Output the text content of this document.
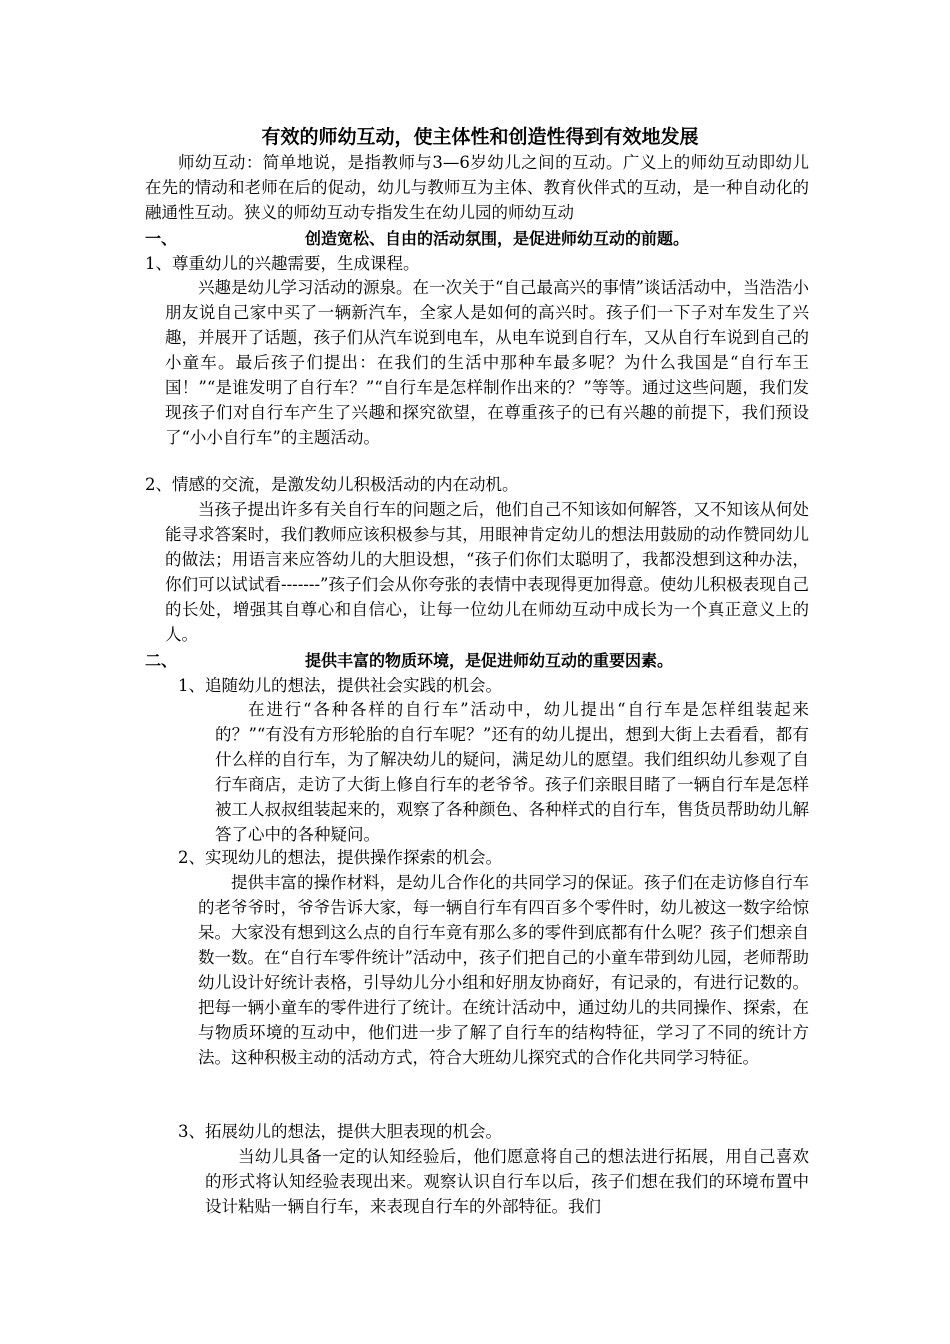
有效的师幼互动，使主体性和创造性得到有效地发展
师幼互动：简单地说，是指教师与3—6岁幼儿之间的互动。广义上的师幼互动即幼儿在先的情动和老师在后的促动，幼儿与教师互为主体、教育伙伴式的互动，是一种自动化的融通性互动。狭义的师幼互动专指发生在幼儿园的师幼互动
一、	创造宽松、自由的活动氛围，是促进师幼互动的前题。
1、尊重幼儿的兴趣需要，生成课程。
兴趣是幼儿学习活动的源泉。在一次关于“自己最高兴的事情”谈话活动中，当浩浩小朋友说自己家中买了一辆新汽车，全家人是如何的高兴时。孩子们一下子对车发生了兴趣，并展开了话题，孩子们从汽车说到电车，从电车说到自行车，又从自行车说到自己的小童车。最后孩子们提出：在我们的生活中那种车最多呢？为什么我国是“自行车王国！”“是谁发明了自行车？”“自行车是怎样制作出来的？”等等。通过这些问题，我们发现孩子们对自行车产生了兴趣和探究欲望，在尊重孩子的已有兴趣的前提下，我们预设了“小小自行车”的主题活动。
2、情感的交流，是激发幼儿积极活动的内在动机。
当孩子提出许多有关自行车的问题之后，他们自己不知该如何解答，又不知该从何处能寻求答案时，我们教师应该积极参与其，用眼神肯定幼儿的想法用鼓励的动作赞同幼儿的做法；用语言来应答幼儿的大胆设想，“孩子们你们太聪明了，我都没想到这种办法，你们可以试试看-------”孩子们会从你夸张的表情中表现得更加得意。使幼儿积极表现自己的长处，增强其自尊心和自信心，让每一位幼儿在师幼互动中成长为一个真正意义上的人。
二、	提供丰富的物质环境，是促进师幼互动的重要因素。
1、追随幼儿的想法，提供社会实践的机会。
在进行“各种各样的自行车”活动中，幼儿提出“自行车是怎样组装起来的？”“有没有方形轮胎的自行车呢？”还有的幼儿提出，想到大街上去看看，都有什么样的自行车，为了解决幼儿的疑问，满足幼儿的愿望。我们组织幼儿参观了自行车商店，走访了大街上修自行车的老爷爷。孩子们亲眼目睹了一辆自行车是怎样被工人叔叔组装起来的，观察了各种颜色、各种样式的自行车，售货员帮助幼儿解答了心中的各种疑问。
2、实现幼儿的想法，提供操作探索的机会。
提供丰富的操作材料，是幼儿合作化的共同学习的保证。孩子们在走访修自行车的老爷爷时，爷爷告诉大家，每一辆自行车有四百多个零件时，幼儿被这一数字给惊呆。大家没有想到这么点的自行车竟有那么多的零件到底都有什么呢？孩子们想亲自数一数。在“自行车零件统计”活动中，孩子们把自己的小童车带到幼儿园，老师帮助幼儿设计好统计表格，引导幼儿分小组和好朋友协商好，有记录的，有进行记数的。把每一辆小童车的零件进行了统计。在统计活动中，通过幼儿的共同操作、探索，在与物质环境的互动中，他们进一步了解了自行车的结构特征，学习了不同的统计方法。这种积极主动的活动方式，符合大班幼儿探究式的合作化共同学习特征。
3、拓展幼儿的想法，提供大胆表现的机会。
当幼儿具备一定的认知经验后，他们愿意将自己的想法进行拓展，用自己喜欢的形式将认知经验表现出来。观察认识自行车以后，孩子们想在我们的环境布置中设计粘贴一辆自行车，来表现自行车的外部特征。我们
